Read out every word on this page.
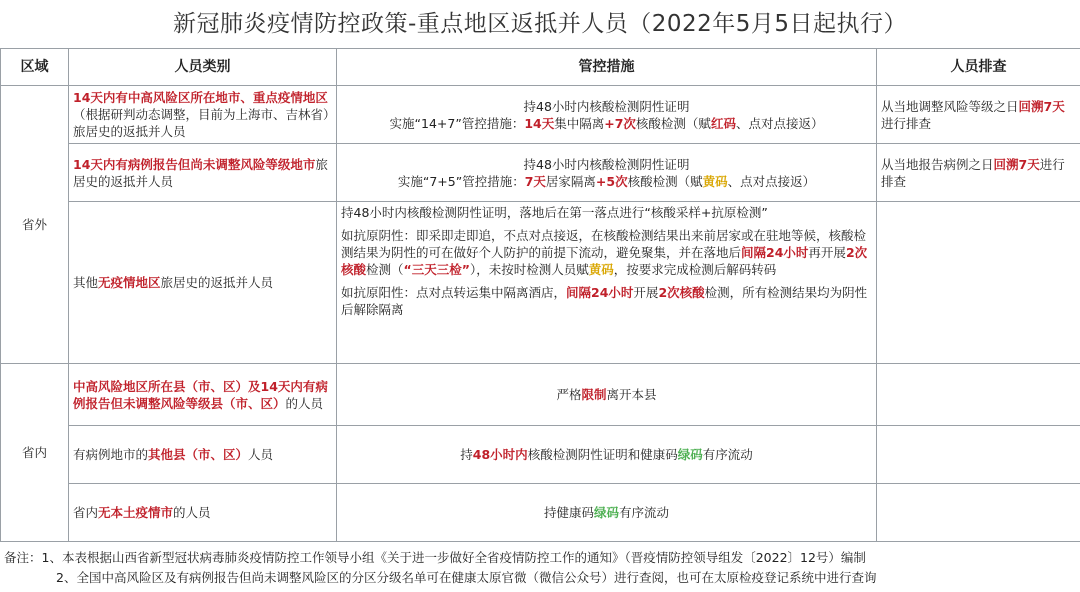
新冠肺炎疫情防控政策-重点地区返抵并人员（2022年5月5日起执行）
区域	人员类别	管控措施	人员排查
省外	14天内有中高风险区所在地市、重点疫情地区（根据研判动态调整，目前为上海市、吉林省）旅居史的返抵并人员	持48小时内核酸检测阴性证明
实施“14+7”管控措施：14天集中隔离+7次核酸检测（赋红码、点对点接返）	从当地调整风险等级之日回溯7天进行排查
	14天内有病例报告但尚未调整风险等级地市旅居史的返抵并人员	持48小时内核酸检测阴性证明
实施“7+5”管控措施：7天居家隔离+5次核酸检测（赋黄码、点对点接返）	从当地报告病例之日回溯7天进行排查
	其他无疫情地区旅居史的返抵并人员	持48小时内核酸检测阴性证明，落地后在第一落点进行“核酸采样+抗原检测”
如抗原阴性：即采即走即追，不点对点接返，在核酸检测结果出来前居家或在驻地等候，核酸检测结果为阴性的可在做好个人防护的前提下流动，避免聚集，并在落地后间隔24小时再开展2次核酸检测（“三天三检”），未按时检测人员赋黄码，按要求完成检测后解码转码
如抗原阳性：点对点转运集中隔离酒店，间隔24小时开展2次核酸检测，所有检测结果均为阴性后解除隔离	

省内	中高风险地区所在县（市、区）及14天内有病例报告但未调整风险等级县（市、区）的人员	严格限制离开本县	
	有病例地市的其他县（市、区）人员	持48小时内核酸检测阴性证明和健康码绿码有序流动	
	省内无本土疫情市的人员	持健康码绿码有序流动	
备注：1、本表根据山西省新型冠状病毒肺炎疫情防控工作领导小组《关于进一步做好全省疫情防控工作的通知》（晋疫情防控领导组发〔2022〕12号）编制
2、全国中高风险区及有病例报告但尚未调整风险区的分区分级名单可在健康太原官微（微信公众号）进行查阅，也可在太原检疫登记系统中进行查询
